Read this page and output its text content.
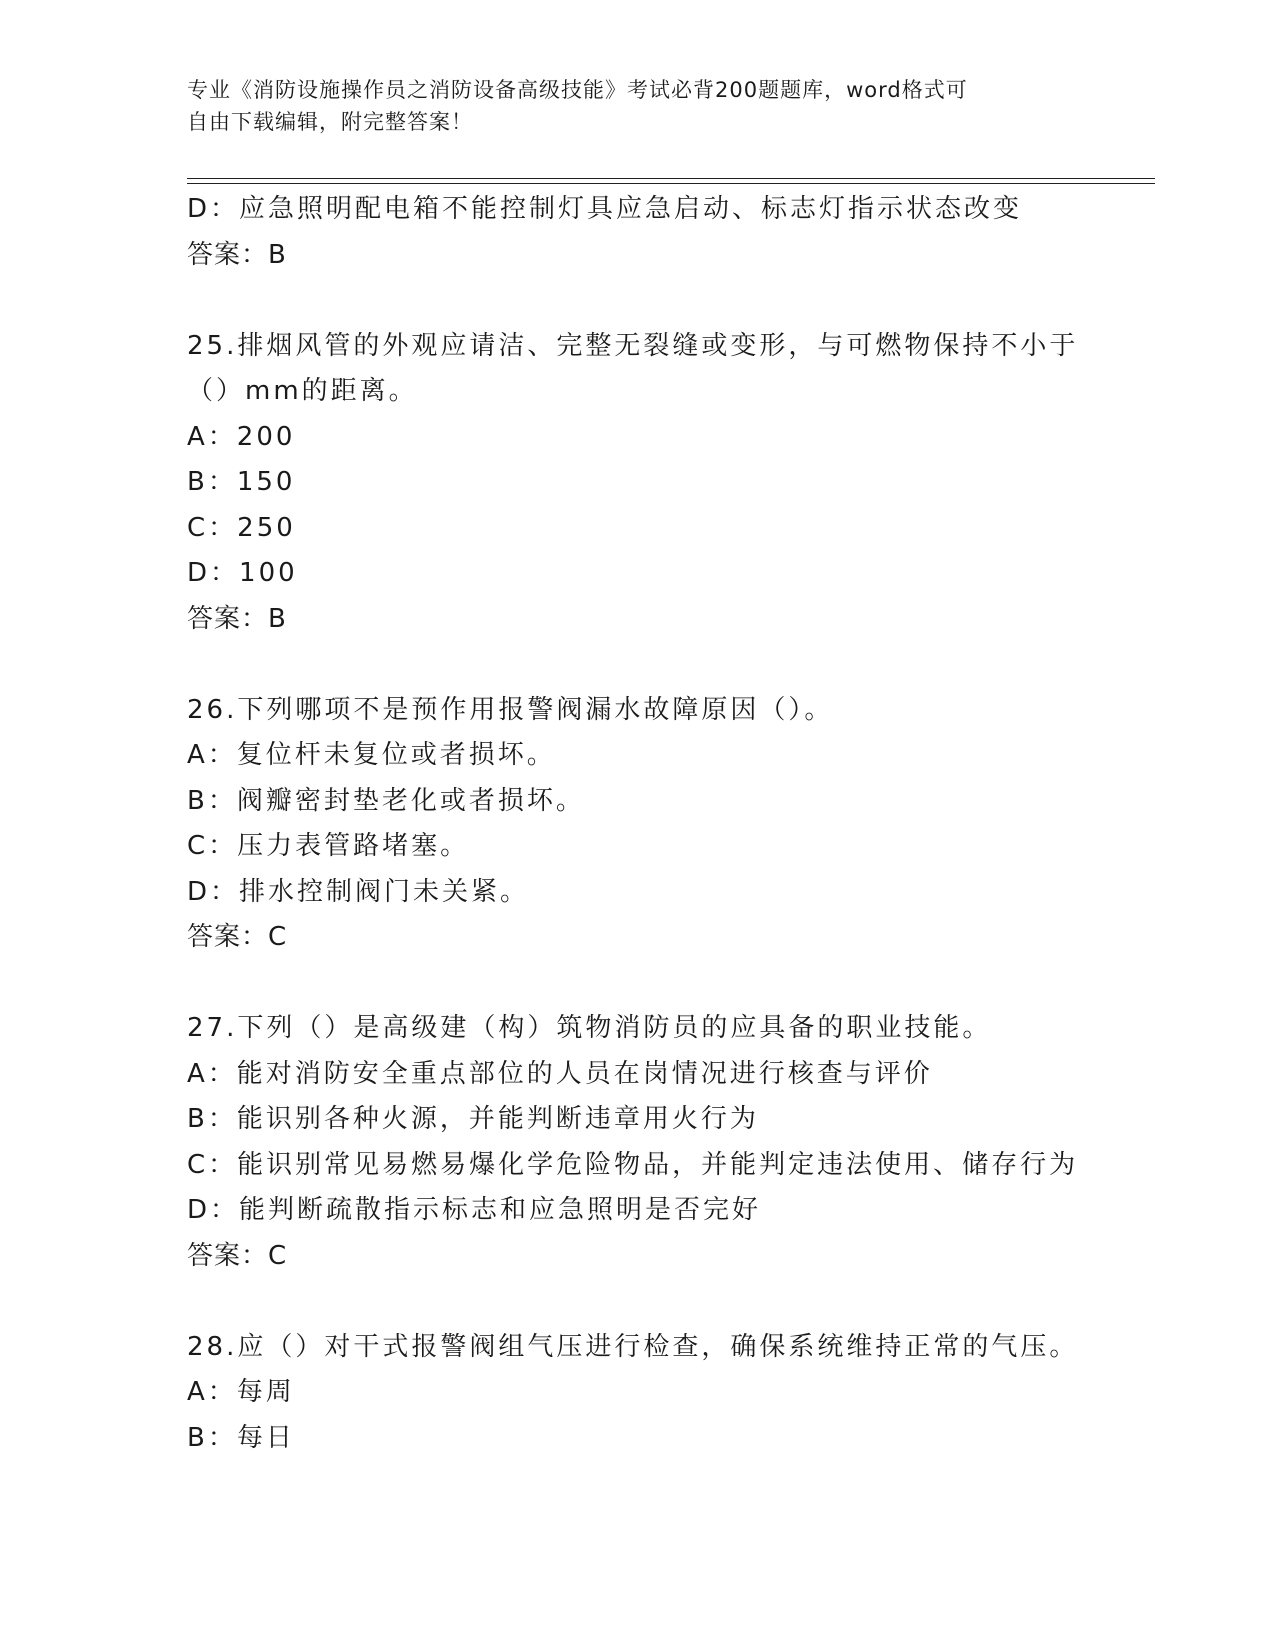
专业《消防设施操作员之消防设备高级技能》考试必背200题题库，word格式可
自由下载编辑，附完整答案！
D：应急照明配电箱不能控制灯具应急启动、标志灯指示状态改变
答案：B
25.排烟风管的外观应请洁、完整无裂缝或变形，与可燃物保持不小于
（）mm的距离。
A：200
B：150
C：250
D：100
答案：B
26.下列哪项不是预作用报警阀漏水故障原因（）。
A：复位杆未复位或者损坏。
B：阀瓣密封垫老化或者损坏。
C：压力表管路堵塞。
D：排水控制阀门未关紧。
答案：C
27.下列（）是高级建（构）筑物消防员的应具备的职业技能。
A：能对消防安全重点部位的人员在岗情况进行核查与评价
B：能识别各种火源，并能判断违章用火行为
C：能识别常见易燃易爆化学危险物品，并能判定违法使用、储存行为
D：能判断疏散指示标志和应急照明是否完好
答案：C
28.应（）对干式报警阀组气压进行检查，确保系统维持正常的气压。
A：每周
B：每日
